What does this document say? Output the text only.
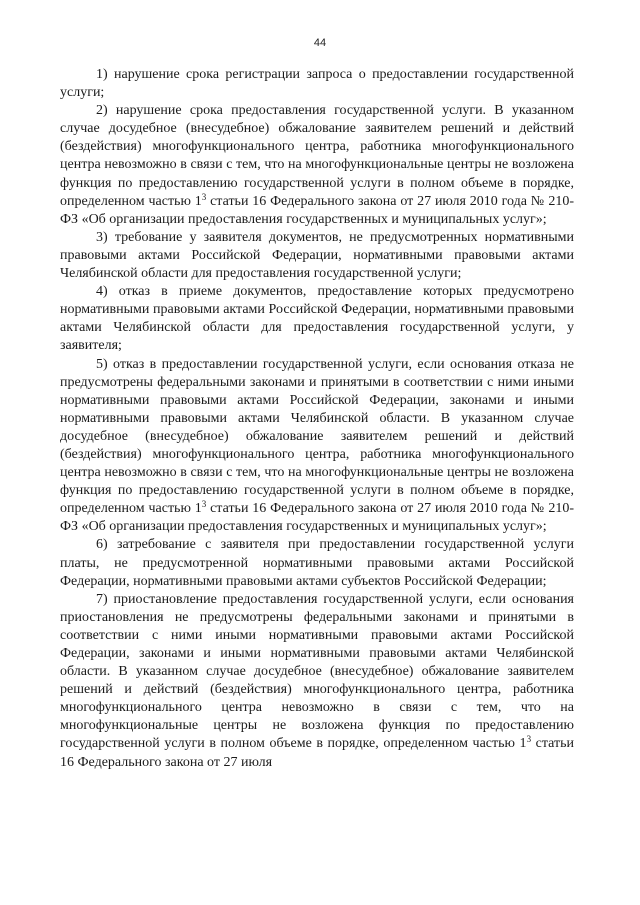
44

1) нарушение срока регистрации запроса о предоставлении государственной услуги;

2) нарушение срока предоставления государственной услуги. В указанном случае досудебное (внесудебное) обжалование заявителем решений и действий (бездействия) многофункционального центра, работника многофункционального центра невозможно в связи с тем, что на многофункциональные центры не возложена функция по предоставлению государственной услуги в полном объеме в порядке, определенном частью $1^3$ статьи 16 Федерального закона от 27 июля 2010 года № 210-ФЗ «Об организации предоставления государственных и муниципальных услуг»;

3) требование у заявителя документов, не предусмотренных нормативными правовыми актами Российской Федерации, нормативными правовыми актами Челябинской области для предоставления государственной услуги;

4) отказ в приеме документов, предоставление которых предусмотрено нормативными правовыми актами Российской Федерации, нормативными правовыми актами Челябинской области для предоставления государственной услуги, у заявителя;

5) отказ в предоставлении государственной услуги, если основания отказа не предусмотрены федеральными законами и принятыми в соответствии с ними иными нормативными правовыми актами Российской Федерации, законами и иными нормативными правовыми актами Челябинской области. В указанном случае досудебное (внесудебное) обжалование заявителем решений и действий (бездействия) многофункционального центра, работника многофункционального центра невозможно в связи с тем, что на многофункциональные центры не возложена функция по предоставлению государственной услуги в полном объеме в порядке, определенном частью $1^3$ статьи 16 Федерального закона от 27 июля 2010 года № 210-ФЗ «Об организации предоставления государственных и муниципальных услуг»;

6) затребование с заявителя при предоставлении государственной услуги платы, не предусмотренной нормативными правовыми актами Российской Федерации, нормативными правовыми актами субъектов Российской Федерации;

7) приостановление предоставления государственной услуги, если основания приостановления не предусмотрены федеральными законами и принятыми в соответствии с ними иными нормативными правовыми актами Российской Федерации, законами и иными нормативными правовыми актами Челябинской области. В указанном случае досудебное (внесудебное) обжалование заявителем решений и действий (бездействия) многофункционального центра, работника многофункционального центра невозможно в связи с тем, что на многофункциональные центры не возложена функция по предоставлению государственной услуги в полном объеме в порядке, определенном частью $1^3$ статьи 16 Федерального закона от 27 июля
